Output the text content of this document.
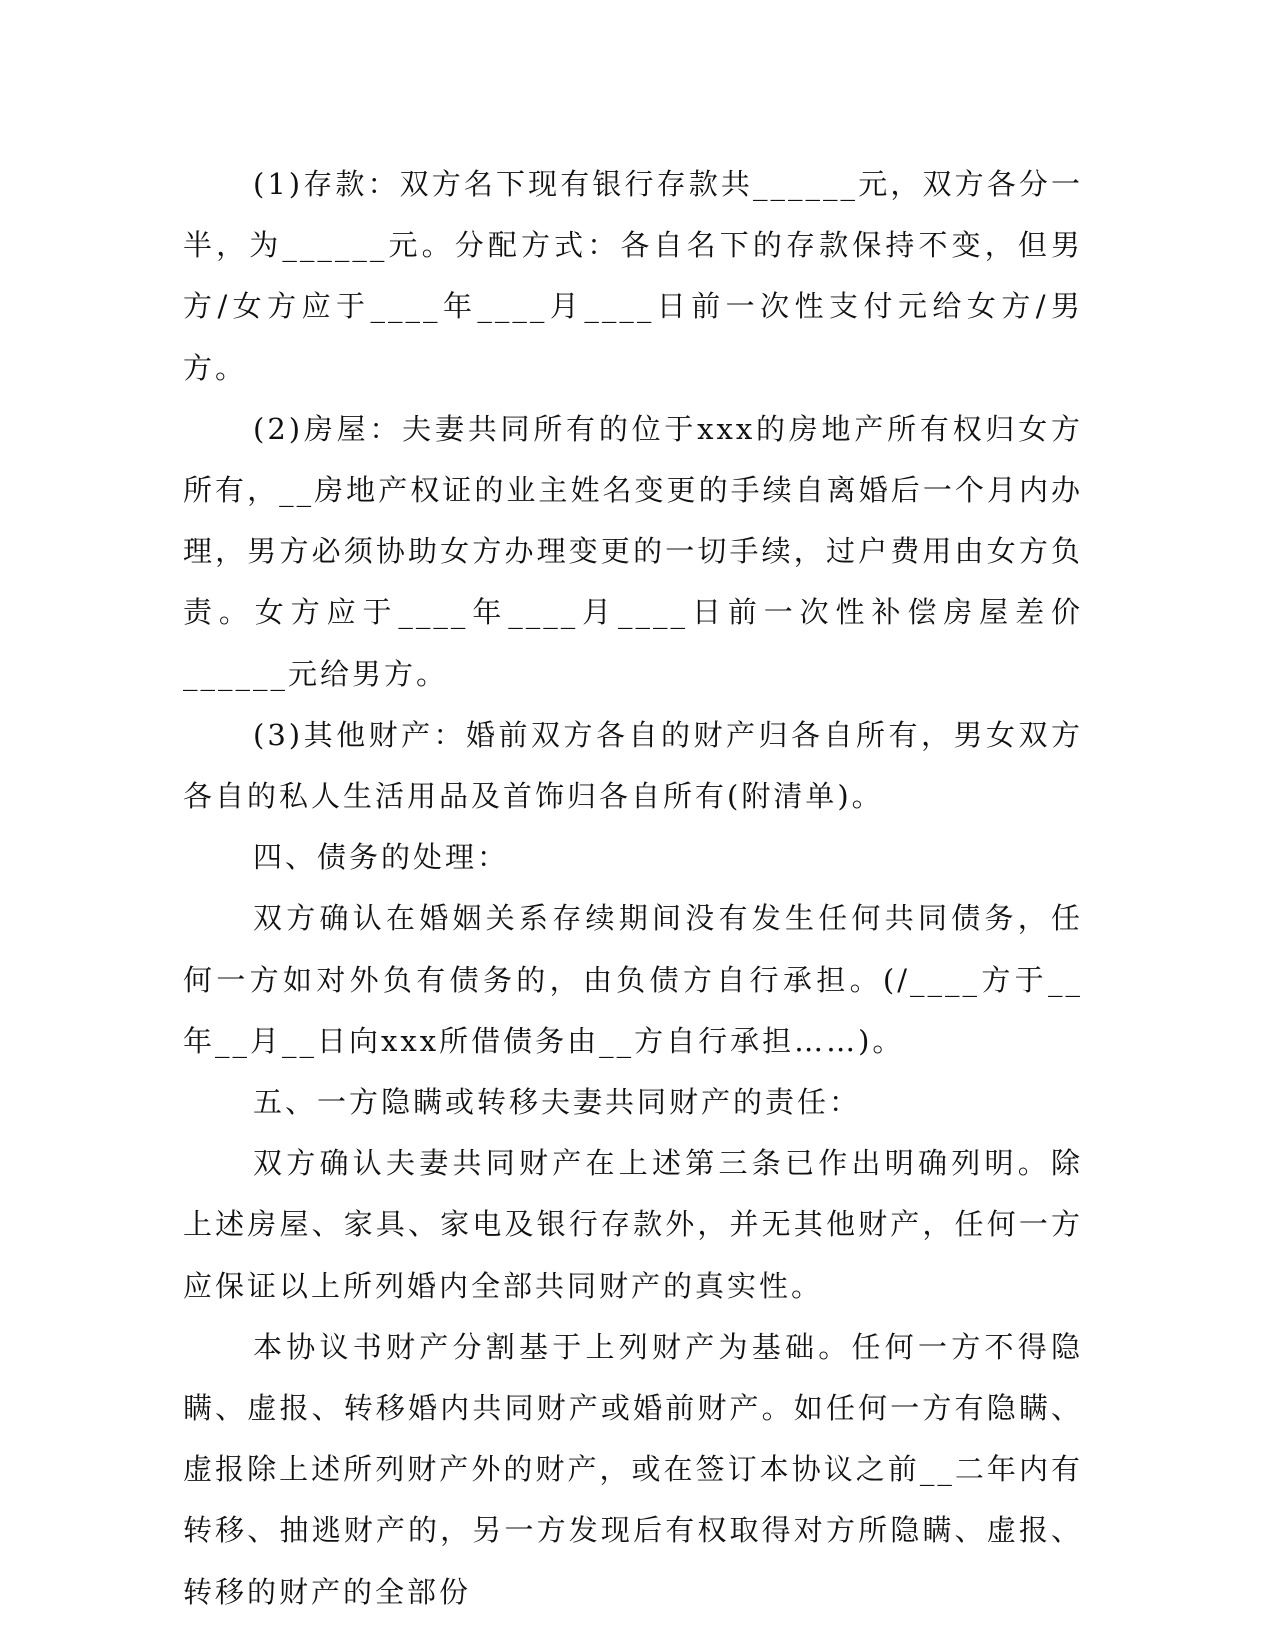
(1)存款：双方名下现有银行存款共______元，双方各分一半，为______元。分配方式：各自名下的存款保持不变，但男方/女方应于____年____月____日前一次性支付元给女方/男方。

(2)房屋：夫妻共同所有的位于xxx的房地产所有权归女方所有，__房地产权证的业主姓名变更的手续自离婚后一个月内办理，男方必须协助女方办理变更的一切手续，过户费用由女方负责。女方应于____年____月____日前一次性补偿房屋差价______元给男方。

(3)其他财产：婚前双方各自的财产归各自所有，男女双方各自的私人生活用品及首饰归各自所有(附清单)。

四、债务的处理：

双方确认在婚姻关系存续期间没有发生任何共同债务，任何一方如对外负有债务的，由负债方自行承担。(/____方于__年__月__日向xxx所借债务由__方自行承担……)。

五、一方隐瞒或转移夫妻共同财产的责任：

双方确认夫妻共同财产在上述第三条已作出明确列明。除上述房屋、家具、家电及银行存款外，并无其他财产，任何一方应保证以上所列婚内全部共同财产的真实性。

本协议书财产分割基于上列财产为基础。任何一方不得隐瞒、虚报、转移婚内共同财产或婚前财产。如任何一方有隐瞒、虚报除上述所列财产外的财产，或在签订本协议之前__二年内有转移、抽逃财产的，另一方发现后有权取得对方所隐瞒、虚报、转移的财产的全部份
